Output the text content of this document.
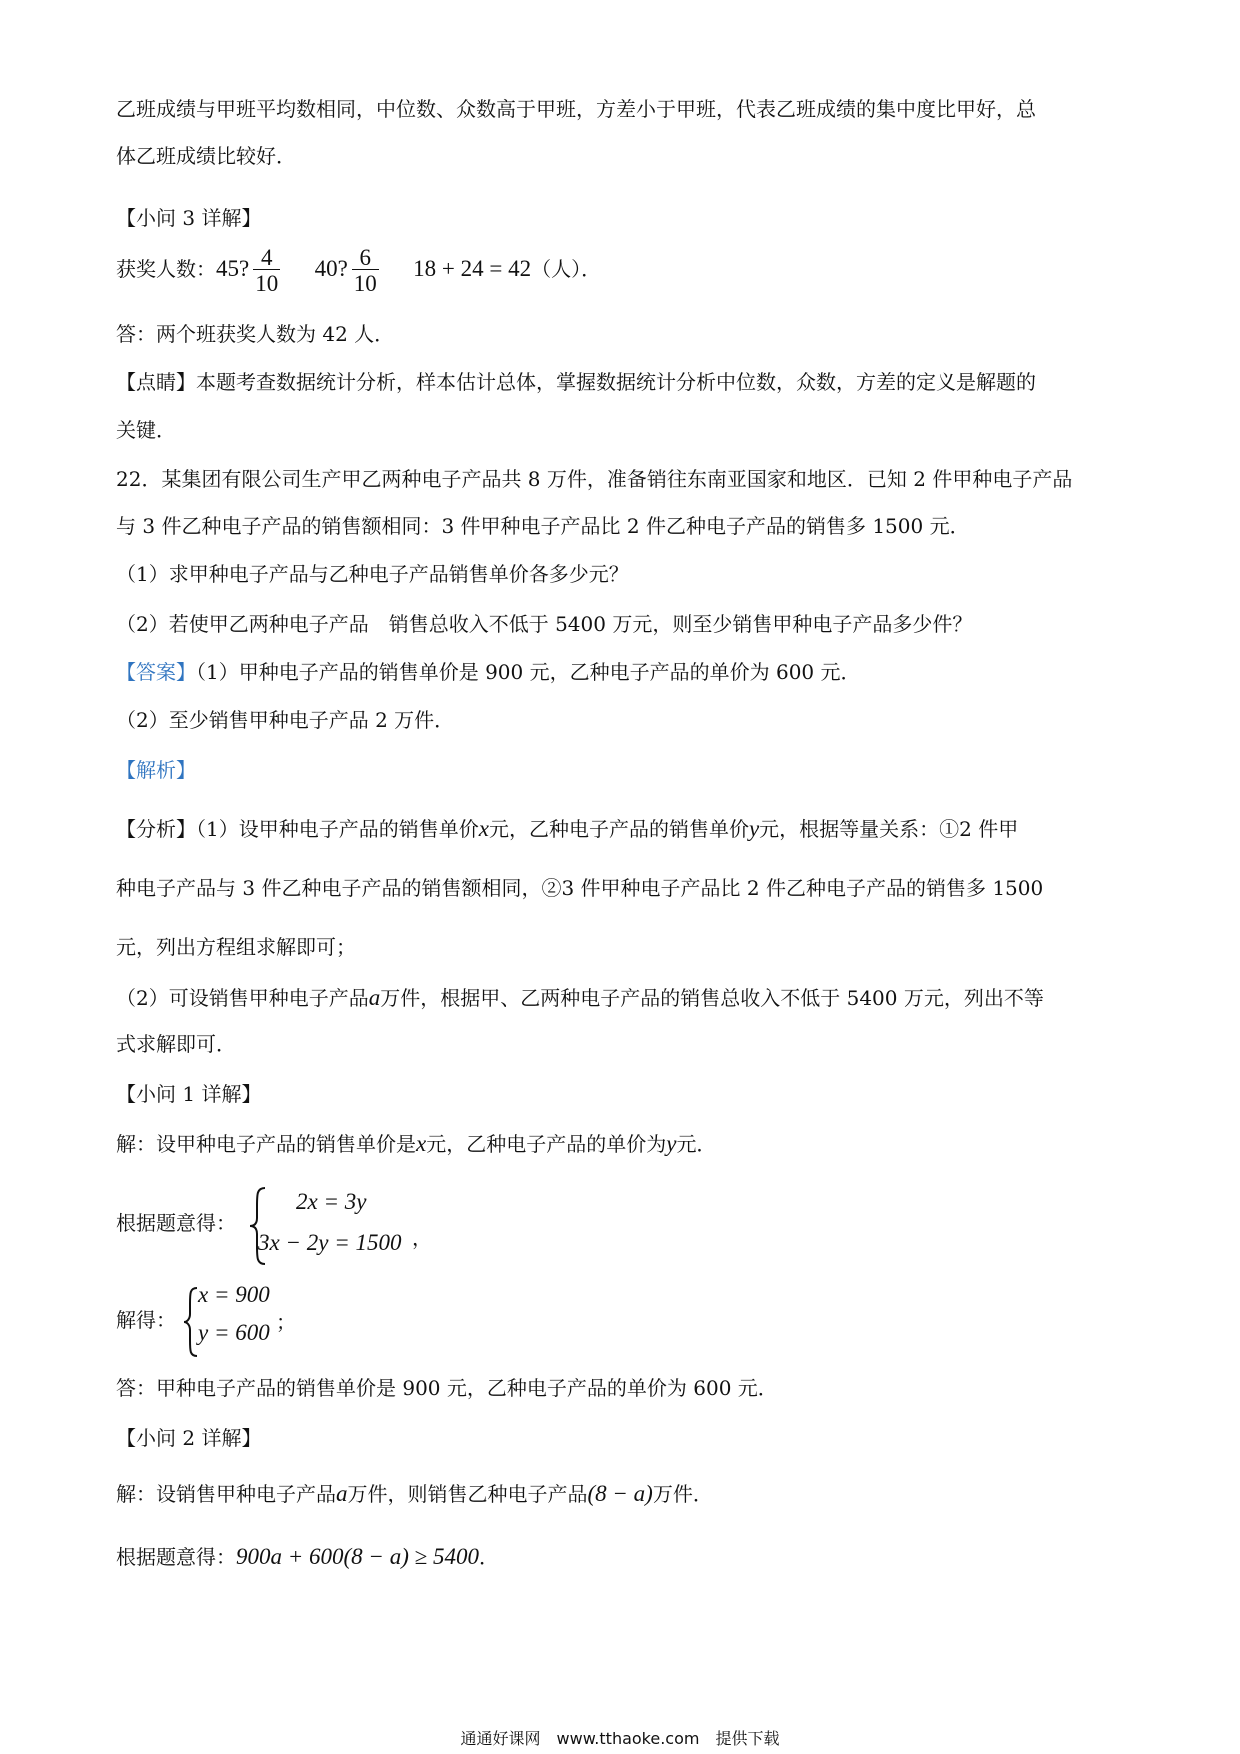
乙班成绩与甲班平均数相同，中位数、众数高于甲班，方差小于甲班，代表乙班成绩的集中度比甲好，总
体乙班成绩比较好．
【小问 3 详解】
获奖人数：45? $\frac{4}{10} 40$? $\frac{6}{10} 18 + 24 = 42$（人）．
答：两个班获奖人数为 42 人．
【点睛】本题考查数据统计分析，样本估计总体，掌握数据统计分析中位数，众数，方差的定义是解题的
关键．
22．某集团有限公司生产甲乙两种电子产品共 8 万件，准备销往东南亚国家和地区．已知 2 件甲种电子产品
与 3 件乙种电子产品的销售额相同：3 件甲种电子产品比 2 件乙种电子产品的销售多 1500 元．
（1）求甲种电子产品与乙种电子产品销售单价各多少元？
（2）若使甲乙两种电子产品　销售总收入不低于 5400 万元，则至少销售甲种电子产品多少件？
【答案】（1）甲种电子产品的销售单价是 900 元，乙种电子产品的单价为 600 元．
（2）至少销售甲种电子产品 2 万件．
【解析】
【分析】（1）设甲种电子产品的销售单价x元，乙种电子产品的销售单价y元，根据等量关系：①2 件甲
种电子产品与 3 件乙种电子产品的销售额相同，②3 件甲种电子产品比 2 件乙种电子产品的销售多 1500
元，列出方程组求解即可；
（2）可设销售甲种电子产品a万件，根据甲、乙两种电子产品的销售总收入不低于 5400 万元，列出不等
式求解即可．
【小问 1 详解】
解：设甲种电子产品的销售单价是x元，乙种电子产品的单价为y元．
根据题意得：
2x = 3y
3x − 2y = 1500 ，
解得：
x = 900
y = 600 ；
答：甲种电子产品的销售单价是 900 元，乙种电子产品的单价为 600 元．
【小问 2 详解】
解：设销售甲种电子产品a万件，则销售乙种电子产品(8 − a)万件．
根据题意得：900a + 600(8 − a) ≥ 5400．
通通好课网　www.tthaoke.com　提供下载
